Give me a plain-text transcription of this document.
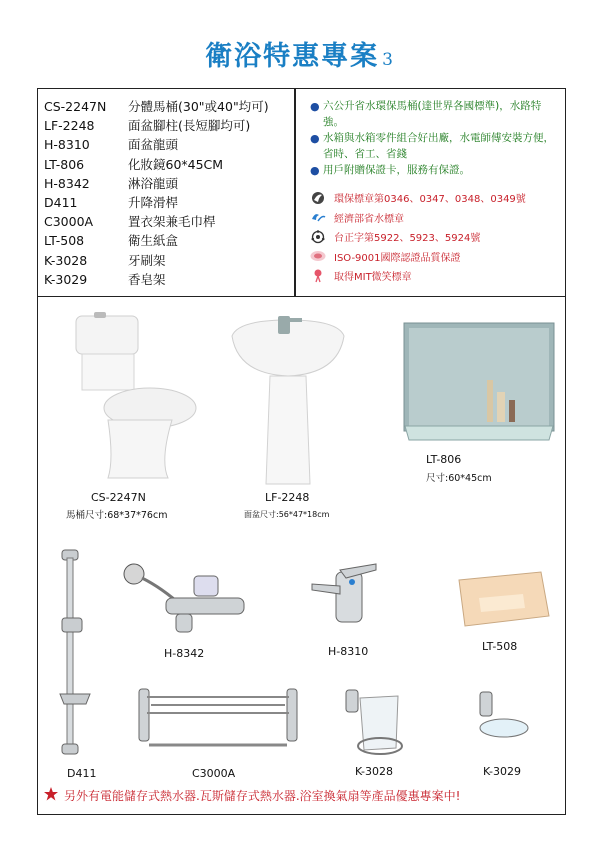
衛浴特惠專案 3
CS-2247N	分體馬桶(30"或40"均可)
LF-2248	面盆腳柱(長短腳均可)
H-8310	面盆龍頭
LT-806	化妝鏡60*45CM
H-8342	淋浴龍頭
D411	升降滑桿
C3000A	置衣架兼毛巾桿
LT-508	衛生紙盒
K-3028	牙刷架
K-3029	香皂架
● 六公升省水環保馬桶(達世界各國標準)，水路特強。
● 水箱與水箱零件組合好出廠，水電師傅安裝方便，省時、省工、省錢
● 用戶附贈保證卡，服務有保證。
環保標章第0346、0347、0348、0349號
經濟部省水標章
台正字第5922、5923、5924號
ISO-9001國際認證品質保證
取得MIT微笑標章
CS-2247N
馬桶尺寸:68*37*76cm
LF-2248
面盆尺寸:56*47*18cm
LT-806
尺寸:60*45cm
H-8342	H-8310	LT-508
D411	C3000A	K-3028	K-3029
另外有電能儲存式熱水器.瓦斯儲存式熱水器.浴室換氣扇等產品優惠專案中!
